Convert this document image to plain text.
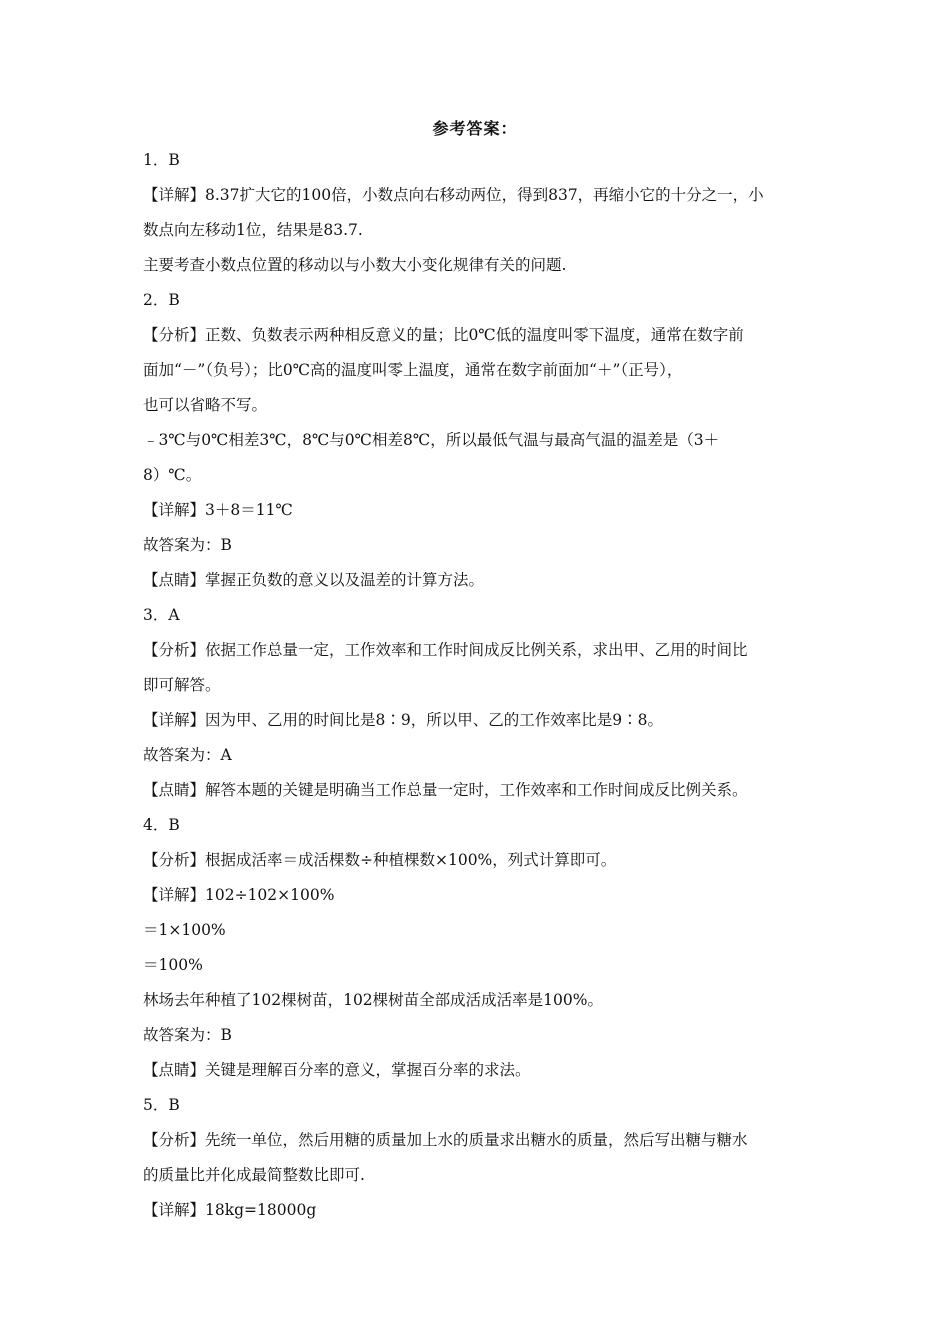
参考答案：
1．B
【详解】8.37扩大它的100倍，小数点向右移动两位，得到837，再缩小它的十分之一，小
数点向左移动1位，结果是83.7.
主要考查小数点位置的移动以与小数大小变化规律有关的问题.
2．B
【分析】正数、负数表示两种相反意义的量；比0℃低的温度叫零下温度，通常在数字前
面加“－”（负号）；比0℃高的温度叫零上温度，通常在数字前面加“＋”（正号），
也可以省略不写。
﹣3℃与0℃相差3℃，8℃与0℃相差8℃，所以最低气温与最高气温的温差是（3＋
8）℃。
【详解】3＋8＝11℃
故答案为：B
【点睛】掌握正负数的意义以及温差的计算方法。
3．A
【分析】依据工作总量一定，工作效率和工作时间成反比例关系，求出甲、乙用的时间比
即可解答。
【详解】因为甲、乙用的时间比是8∶9，所以甲、乙的工作效率比是9∶8。
故答案为：A
【点睛】解答本题的关键是明确当工作总量一定时，工作效率和工作时间成反比例关系。
4．B
【分析】根据成活率＝成活棵数÷种植棵数×100%，列式计算即可。
【详解】102÷102×100%
＝1×100%
＝100%
林场去年种植了102棵树苗，102棵树苗全部成活成活率是100%。
故答案为：B
【点睛】关键是理解百分率的意义，掌握百分率的求法。
5．B
【分析】先统一单位，然后用糖的质量加上水的质量求出糖水的质量，然后写出糖与糖水
的质量比并化成最简整数比即可.
【详解】18kg=18000g
